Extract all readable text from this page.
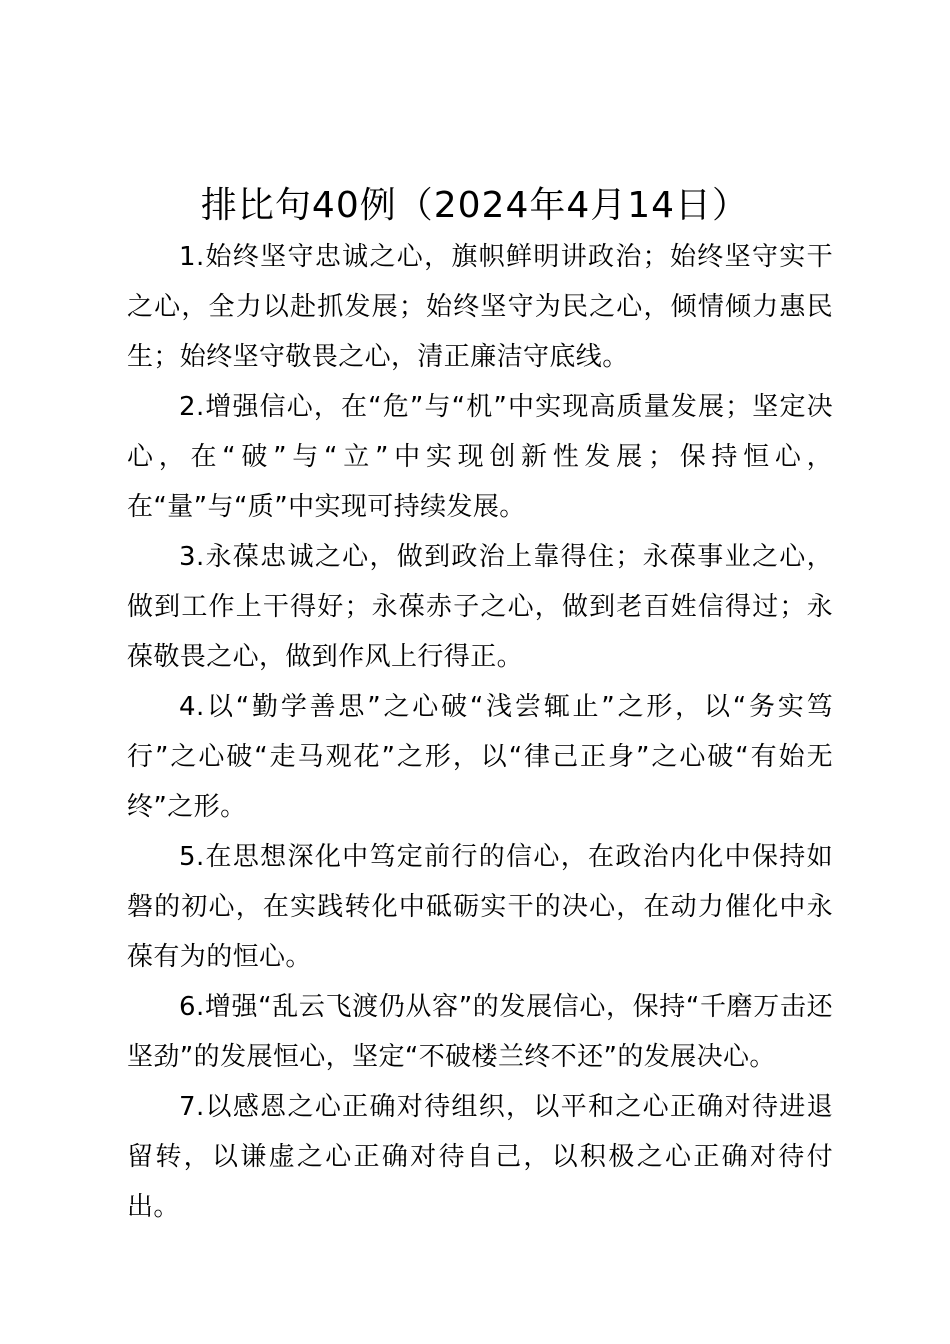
排比句40例（2024年4月14日）

1.始终坚守忠诚之心，旗帜鲜明讲政治；始终坚守实干之心，全力以赴抓发展；始终坚守为民之心，倾情倾力惠民生；始终坚守敬畏之心，清正廉洁守底线。

2.增强信心，在“危”与“机”中实现高质量发展；坚定决心，在“破”与“立”中实现创新性发展；保持恒心，在“量”与“质”中实现可持续发展。

3.永葆忠诚之心，做到政治上靠得住；永葆事业之心，做到工作上干得好；永葆赤子之心，做到老百姓信得过；永葆敬畏之心，做到作风上行得正。

4.以“勤学善思”之心破“浅尝辄止”之形，以“务实笃行”之心破“走马观花”之形，以“律己正身”之心破“有始无终”之形。

5.在思想深化中笃定前行的信心，在政治内化中保持如磐的初心，在实践转化中砥砺实干的决心，在动力催化中永葆有为的恒心。

6.增强“乱云飞渡仍从容”的发展信心，保持“千磨万击还坚劲”的发展恒心，坚定“不破楼兰终不还”的发展决心。

7.以感恩之心正确对待组织，以平和之心正确对待进退留转，以谦虚之心正确对待自己，以积极之心正确对待付出。
